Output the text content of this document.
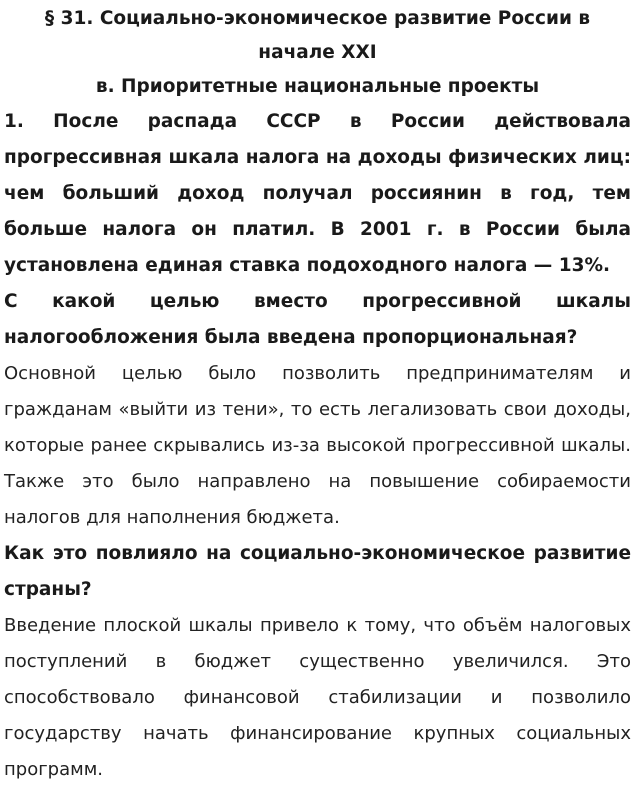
§ 31. Социально-экономическое развитие России в начале XXI
в. Приоритетные национальные проекты

1. После распада СССР в России действовала прогрессивная шкала налога на доходы физических лиц: чем больший доход получал россиянин в год, тем больше налога он платил. В 2001 г. в России была установлена единая ставка подоходного налога — 13%.

С какой целью вместо прогрессивной шкалы налогообложения была введена пропорциональная?

Основной целью было позволить предпринимателям и гражданам «выйти из тени», то есть легализовать свои доходы, которые ранее скрывались из-за высокой прогрессивной шкалы. Также это было направлено на повышение собираемости налогов для наполнения бюджета.

Как это повлияло на социально-экономическое развитие страны?

Введение плоской шкалы привело к тому, что объём налоговых поступлений в бюджет существенно увеличился. Это способствовало финансовой стабилизации и позволило государству начать финансирование крупных социальных программ.
